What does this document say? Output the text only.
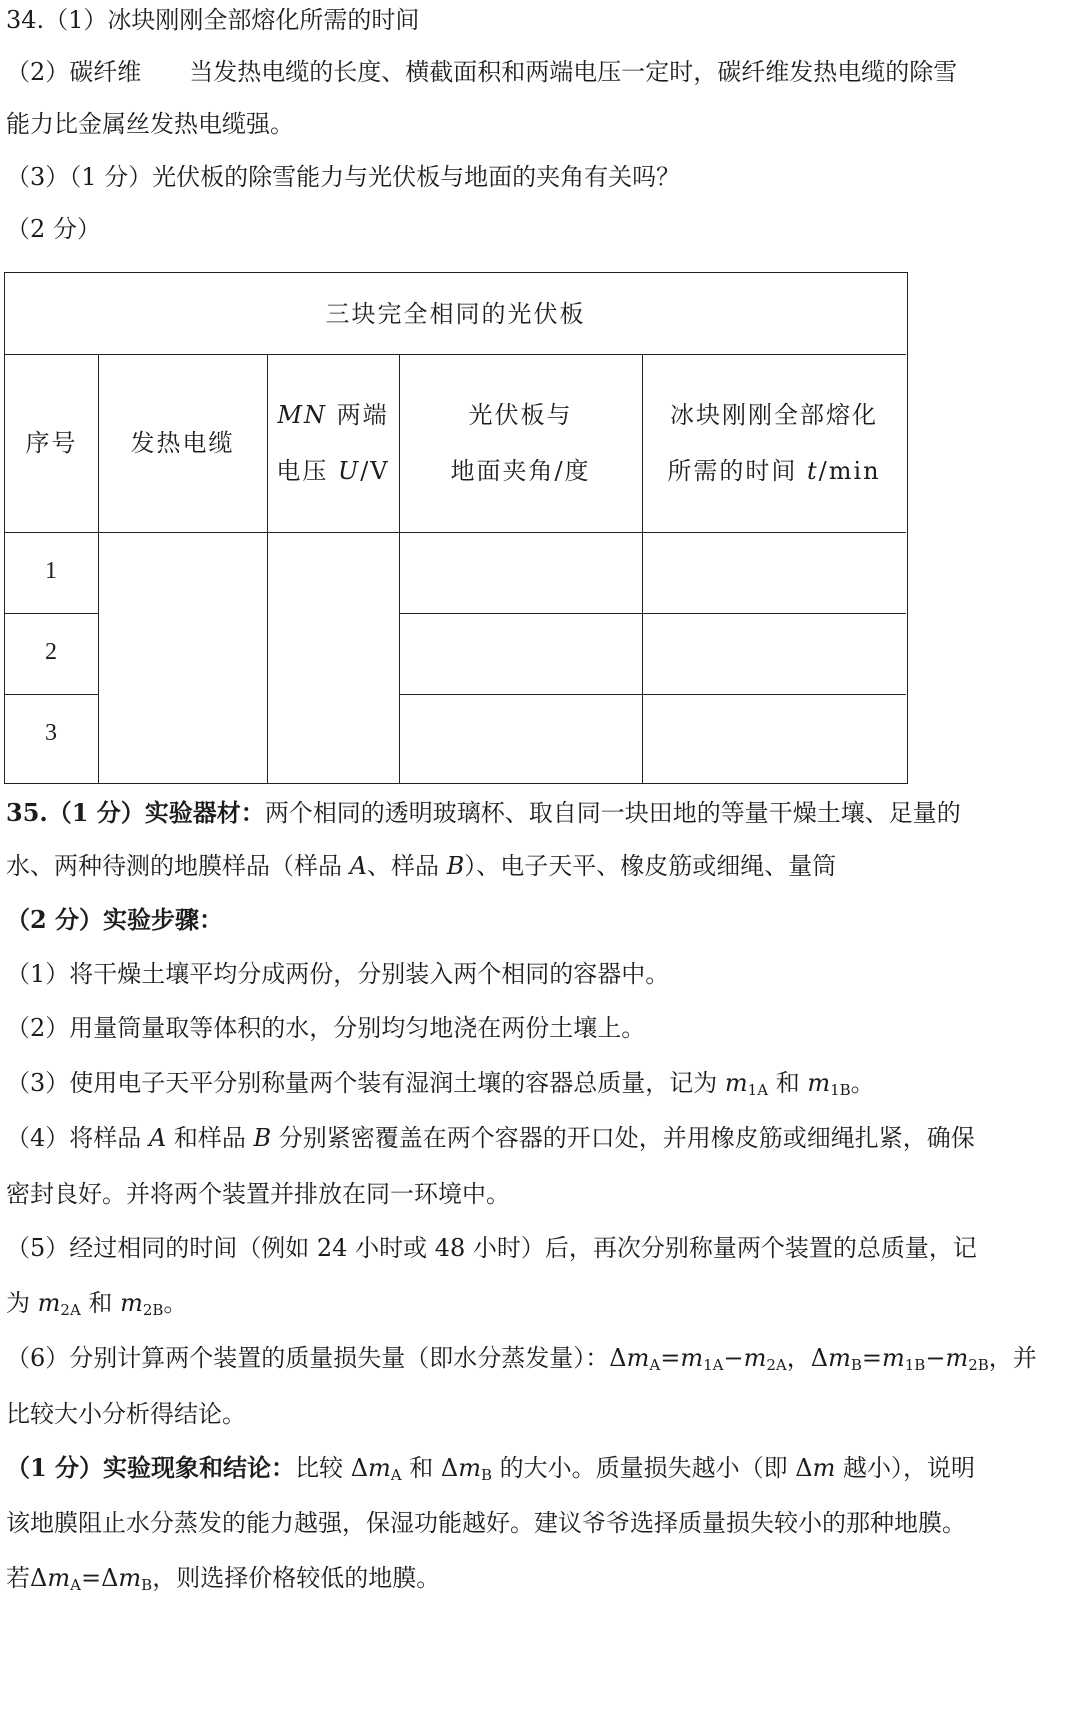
34.（1）冰块刚刚全部熔化所需的时间
（2）碳纤维　　当发热电缆的长度、横截面积和两端电压一定时，碳纤维发热电缆的除雪
能力比金属丝发热电缆强。
（3）（1 分）光伏板的除雪能力与光伏板与地面的夹角有关吗？
（2 分）
三块完全相同的光伏板
序号	发热电缆
MN 两端
电压 U/V
光伏板与
地面夹角/度
冰块刚刚全部熔化
所需的时间 t/min
1
2
3
35.（1 分）实验器材：两个相同的透明玻璃杯、取自同一块田地的等量干燥土壤、足量的
水、两种待测的地膜样品（样品 A、样品 B）、电子天平、橡皮筋或细绳、量筒
（2 分）实验步骤：
（1）将干燥土壤平均分成两份，分别装入两个相同的容器中。
（2）用量筒量取等体积的水，分别均匀地浇在两份土壤上。
（3）使用电子天平分别称量两个装有湿润土壤的容器总质量，记为 $m_{1A}$ 和 $m_{1B}$。
（4）将样品 A 和样品 B 分别紧密覆盖在两个容器的开口处，并用橡皮筋或细绳扎紧，确保
密封良好。并将两个装置并排放在同一环境中。
（5）经过相同的时间（例如 24 小时或 48 小时）后，再次分别称量两个装置的总质量，记
为 $m_{2A}$ 和 $m_{2B}$。
（6）分别计算两个装置的质量损失量（即水分蒸发量）：$\Delta m_A=m_{1A}-m_{2A}$，$\Delta m_B=m_{1B}-m_{2B}$，并
比较大小分析得结论。
（1 分）实验现象和结论：比较 $\Delta m_A$ 和 $\Delta m_B$ 的大小。质量损失越小（即 Δm 越小），说明
该地膜阻止水分蒸发的能力越强，保湿功能越好。建议爷爷选择质量损失较小的那种地膜。
若$\Delta m_A=\Delta m_B$，则选择价格较低的地膜。
